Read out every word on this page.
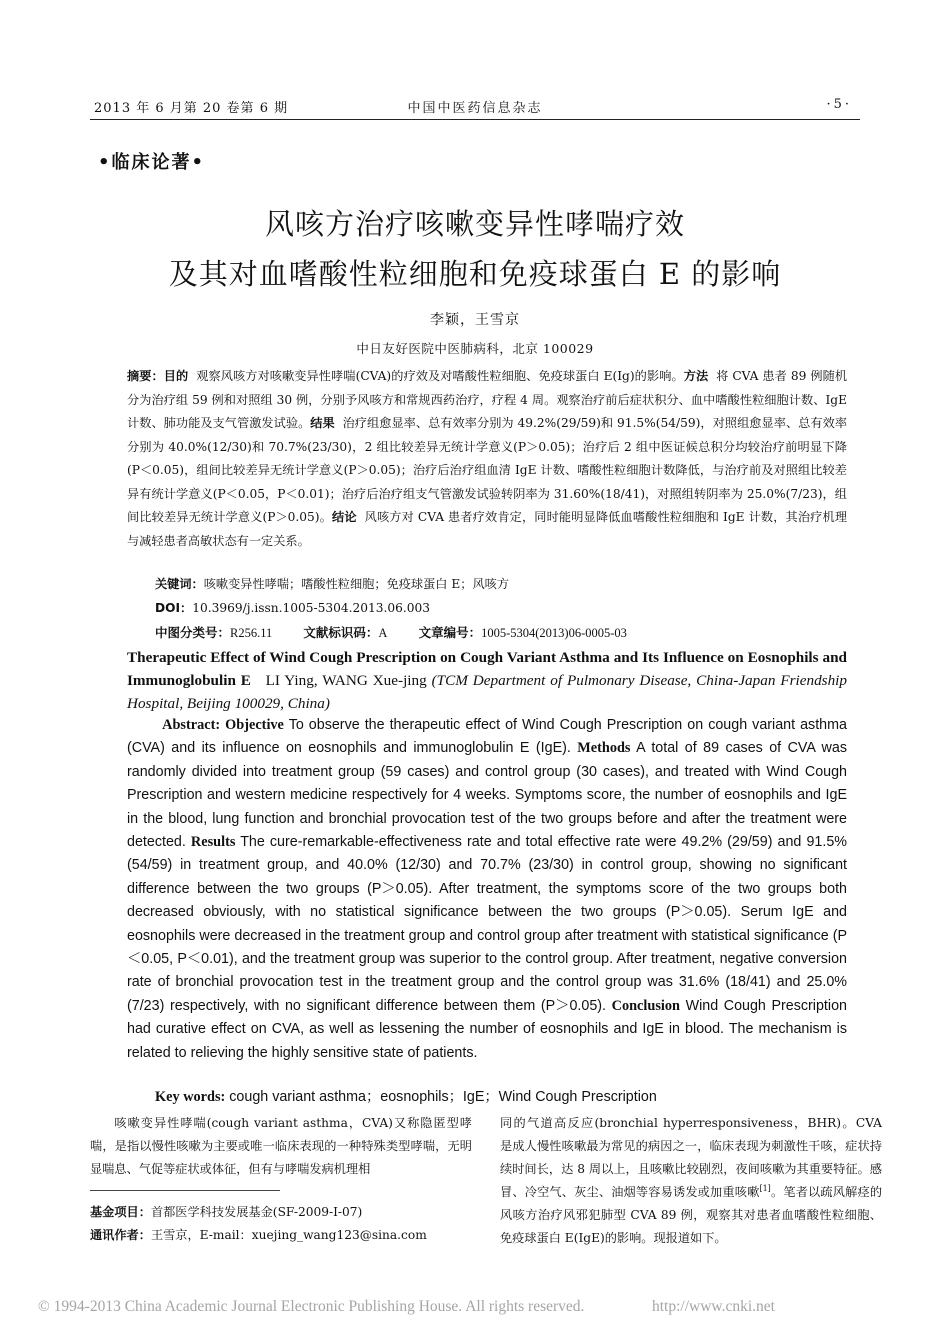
2013 年 6 月第 20 卷第 6 期	中国中医药信息杂志	·5·
•临床论著•
风咳方治疗咳嗽变异性哮喘疗效
及其对血嗜酸性粒细胞和免疫球蛋白 E 的影响
李颖，王雪京
中日友好医院中医肺病科，北京 100029
摘要：目的 观察风咳方对咳嗽变异性哮喘(CVA)的疗效及对嗜酸性粒细胞、免疫球蛋白 E(Ig)的影响。方法 将 CVA 患者 89 例随机分为治疗组 59 例和对照组 30 例，分别予风咳方和常规西药治疗，疗程 4 周。观察治疗前后症状积分、血中嗜酸性粒细胞计数、IgE 计数、肺功能及支气管激发试验。结果 治疗组愈显率、总有效率分别为 49.2%(29/59)和 91.5%(54/59)，对照组愈显率、总有效率分别为 40.0%(12/30)和 70.7%(23/30)，2 组比较差异无统计学意义(P＞0.05)；治疗后 2 组中医证候总积分均较治疗前明显下降(P＜0.05)，组间比较差异无统计学意义(P＞0.05)；治疗后治疗组血清 IgE 计数、嗜酸性粒细胞计数降低，与治疗前及对照组比较差异有统计学意义(P＜0.05，P＜0.01)；治疗后治疗组支气管激发试验转阴率为 31.60%(18/41)，对照组转阴率为 25.0%(7/23)，组间比较差异无统计学意义(P＞0.05)。结论 风咳方对 CVA 患者疗效肯定，同时能明显降低血嗜酸性粒细胞和 IgE 计数，其治疗机理与减轻患者高敏状态有一定关系。
关键词：咳嗽变异性哮喘；嗜酸性粒细胞；免疫球蛋白 E；风咳方
DOI：10.3969/j.issn.1005-5304.2013.06.003
中图分类号：R256.11 文献标识码：A 文章编号：1005-5304(2013)06-0005-03
Therapeutic Effect of Wind Cough Prescription on Cough Variant Asthma and Its Influence on Eosnophils and Immunoglobulin E LI Ying, WANG Xue-jing (TCM Department of Pulmonary Disease, China-Japan Friendship Hospital, Beijing 100029, China)
Abstract: Objective To observe the therapeutic effect of Wind Cough Prescription on cough variant asthma (CVA) and its influence on eosnophils and immunoglobulin E (IgE). Methods A total of 89 cases of CVA was randomly divided into treatment group (59 cases) and control group (30 cases), and treated with Wind Cough Prescription and western medicine respectively for 4 weeks. Symptoms score, the number of eosnophils and IgE in the blood, lung function and bronchial provocation test of the two groups before and after the treatment were detected. Results The cure-remarkable-effectiveness rate and total effective rate were 49.2% (29/59) and 91.5% (54/59) in treatment group, and 40.0% (12/30) and 70.7% (23/30) in control group, showing no significant difference between the two groups (P＞0.05). After treatment, the symptoms score of the two groups both decreased obviously, with no statistical significance between the two groups (P＞0.05). Serum IgE and eosnophils were decreased in the treatment group and control group after treatment with statistical significance (P＜0.05, P＜0.01), and the treatment group was superior to the control group. After treatment, negative conversion rate of bronchial provocation test in the treatment group and the control group was 31.6% (18/41) and 25.0% (7/23) respectively, with no significant difference between them (P＞0.05). Conclusion Wind Cough Prescription had curative effect on CVA, as well as lessening the number of eosnophils and IgE in blood. The mechanism is related to relieving the highly sensitive state of patients.
Key words: cough variant asthma；eosnophils；IgE；Wind Cough Prescription
咳嗽变异性哮喘(cough variant asthma，CVA)又称隐匿型哮喘，是指以慢性咳嗽为主要或唯一临床表现的一种特殊类型哮喘，无明显喘息、气促等症状或体征，但有与哮喘发病机理相
同的气道高反应(bronchial hyperresponsiveness，BHR)。CVA 是成人慢性咳嗽最为常见的病因之一，临床表现为刺激性干咳，症状持续时间长，达 8 周以上，且咳嗽比较剧烈，夜间咳嗽为其重要特征。感冒、冷空气、灰尘、油烟等容易诱发或加重咳嗽[1]。笔者以疏风解痉的风咳方治疗风邪犯肺型 CVA 89 例，观察其对患者血嗜酸性粒细胞、免疫球蛋白 E(IgE)的影响。现报道如下。
基金项目：首都医学科技发展基金(SF-2009-I-07)
通讯作者：王雪京，E-mail：xuejing_wang123@sina.com
© 1994-2013 China Academic Journal Electronic Publishing House. All rights reserved.	http://www.cnki.net
